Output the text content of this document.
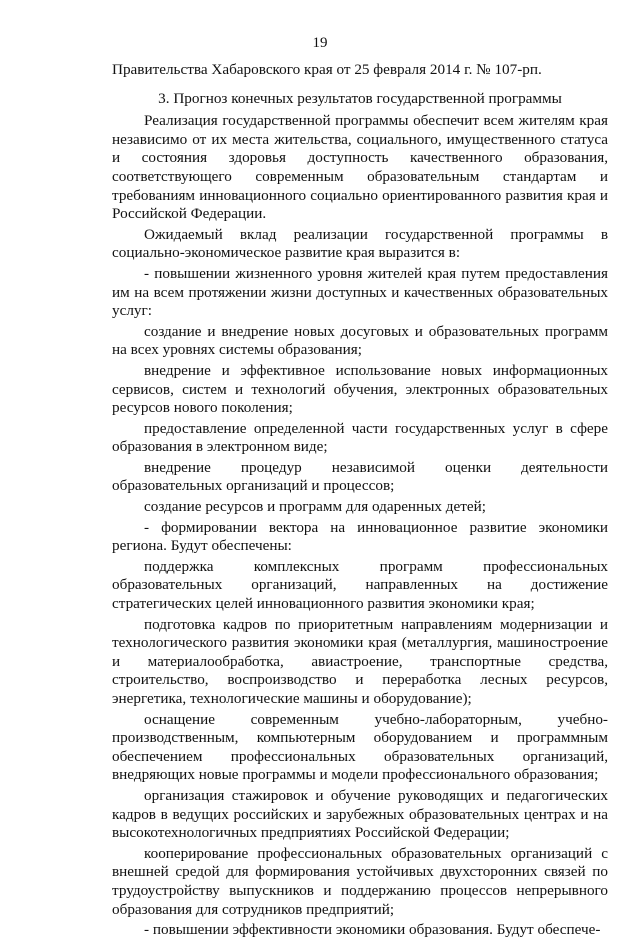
19

Правительства Хабаровского края от 25 февраля 2014 г. № 107-рп.

3. Прогноз конечных результатов государственной программы

Реализация государственной программы обеспечит всем жителям края независимо от их места жительства, социального, имущественного статуса и состояния здоровья доступность качественного образования, соответствующего современным образовательным стандартам и требованиям инновационного социально ориентированного развития края и Российской Федерации.

Ожидаемый вклад реализации государственной программы в социально-экономическое развитие края выразится в:

- повышении жизненного уровня жителей края путем предоставления им на всем протяжении жизни доступных и качественных образовательных услуг:

создание и внедрение новых досуговых и образовательных программ на всех уровнях системы образования;

внедрение и эффективное использование новых информационных сервисов, систем и технологий обучения, электронных образовательных ресурсов нового поколения;

предоставление определенной части государственных услуг в сфере образования в электронном виде;

внедрение процедур независимой оценки деятельности образовательных организаций и процессов;

создание ресурсов и программ для одаренных детей;

- формировании вектора на инновационное развитие экономики региона. Будут обеспечены:

поддержка комплексных программ профессиональных образовательных организаций, направленных на достижение стратегических целей инновационного развития экономики края;

подготовка кадров по приоритетным направлениям модернизации и технологического развития экономики края (металлургия, машиностроение и материалообработка, авиастроение, транспортные средства, строительство, воспроизводство и переработка лесных ресурсов, энергетика, технологические машины и оборудование);

оснащение современным учебно-лабораторным, учебно-производственным, компьютерным оборудованием и программным обеспечением профессиональных образовательных организаций, внедряющих новые программы и модели профессионального образования;

организация стажировок и обучение руководящих и педагогических кадров в ведущих российских и зарубежных образовательных центрах и на высокотехнологичных предприятиях Российской Федерации;

кооперирование профессиональных образовательных организаций с внешней средой для формирования устойчивых двухсторонних связей по трудоустройству выпускников и поддержанию процессов непрерывного образования для сотрудников предприятий;

- повышении эффективности экономики образования. Будут обеспече-
